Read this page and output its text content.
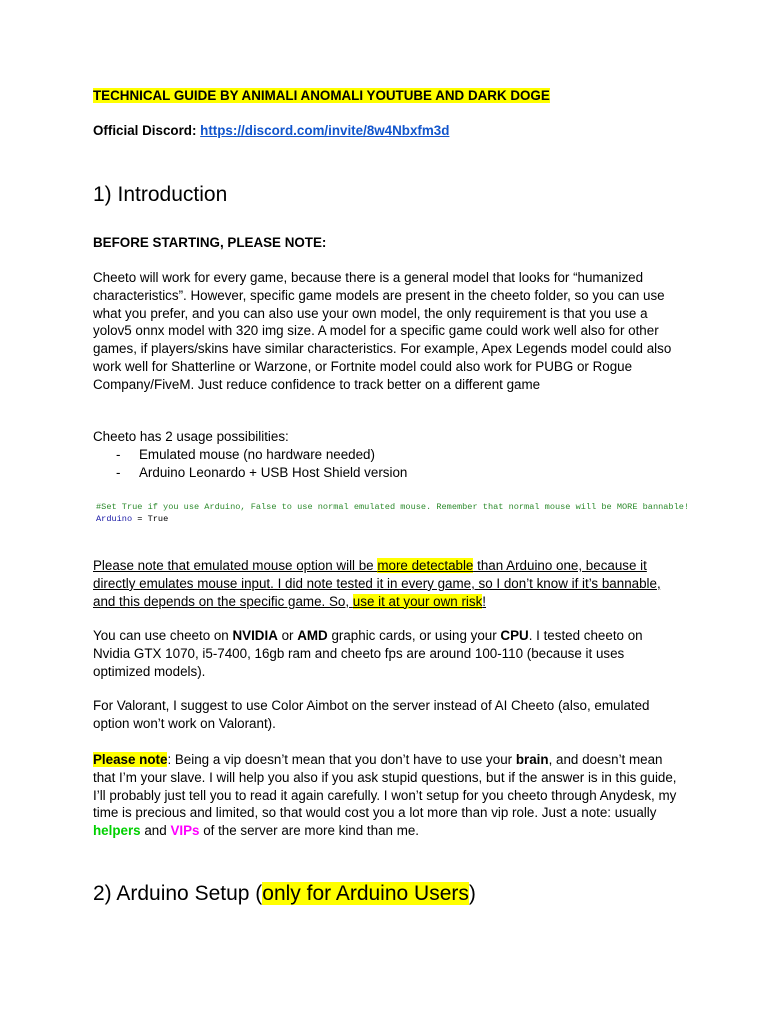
TECHNICAL GUIDE BY ANIMALI ANOMALI YOUTUBE AND DARK DOGE
Official Discord: https://discord.com/invite/8w4Nbxfm3d
1) Introduction
BEFORE STARTING, PLEASE NOTE:
Cheeto will work for every game, because there is a general model that looks for “humanized characteristics”. However, specific game models are present in the cheeto folder, so you can use what you prefer, and you can also use your own model, the only requirement is that you use a yolov5 onnx model with 320 img size. A model for a specific game could work well also for other games, if players/skins have similar characteristics. For example, Apex Legends model could also work well for Shatterline or Warzone, or Fortnite model could also work for PUBG or Rogue Company/FiveM. Just reduce confidence to track better on a different game
Cheeto has 2 usage possibilities:
- Emulated mouse (no hardware needed)
- Arduino Leonardo + USB Host Shield version
#Set True if you use Arduino, False to use normal emulated mouse. Remember that normal mouse will be MORE bannable!
Arduino = True
Please note that emulated mouse option will be more detectable than Arduino one, because it directly emulates mouse input. I did note tested it in every game, so I don’t know if it’s bannable, and this depends on the specific game. So, use it at your own risk!
You can use cheeto on NVIDIA or AMD graphic cards, or using your CPU. I tested cheeto on Nvidia GTX 1070, i5-7400, 16gb ram and cheeto fps are around 100-110 (because it uses optimized models).
For Valorant, I suggest to use Color Aimbot on the server instead of AI Cheeto (also, emulated option won’t work on Valorant).
Please note: Being a vip doesn’t mean that you don’t have to use your brain, and doesn’t mean that I’m your slave. I will help you also if you ask stupid questions, but if the answer is in this guide, I’ll probably just tell you to read it again carefully. I won’t setup for you cheeto through Anydesk, my time is precious and limited, so that would cost you a lot more than vip role. Just a note: usually helpers and VIPs of the server are more kind than me.
2) Arduino Setup (only for Arduino Users)
